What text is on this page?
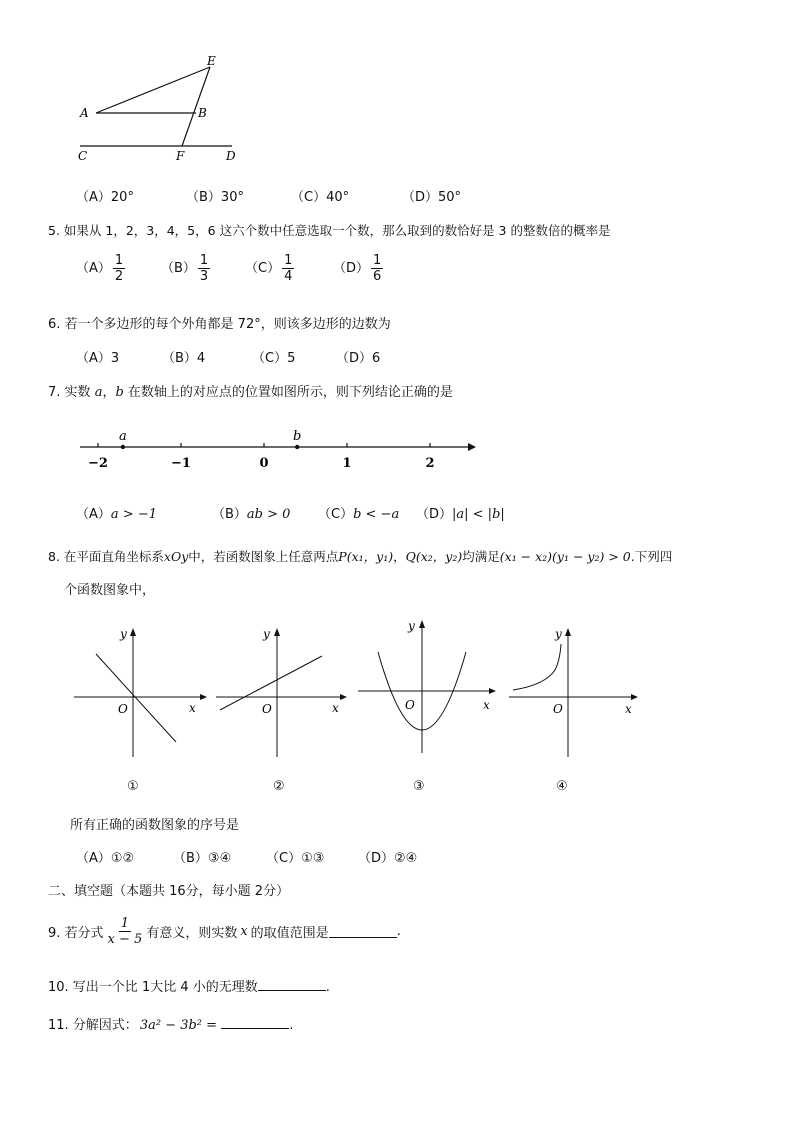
E
A	B
C	F	D
（A）20°	（B）30°	（C）40°	（D）50°
5. 如果从 1，2，3，4，5，6 这六个数中任意选取一个数，那么取到的数恰好是 3 的整数倍的概率是
$(A) \frac{1}{2}$	$(B) \frac{1}{3}$	$(C) \frac{1}{4}$	$(D) \frac{1}{6}$
6. 若一个多边形的每个外角都是 72°，则该多边形的边数为
（A）3	（B）4	（C）5	（D）6
7. 实数 a，b 在数轴上的对应点的位置如图所示，则下列结论正确的是
−2	−1	0	1	2
a	b
（A）a > −1	（B）ab > 0 （C）b < −a （D）|a| < |b|
8. 在平面直角坐标系xOy中，若函数图象上任意两点P(x₁，y₁)，Q(x₂，y₂)均满足(x₁ − x₂)(y₁ − y₂) > 0.下列四
个函数图象中，
y
x
O
①
y
x
O
②
y
x
O
③
y
x
O
④
所有正确的函数图象的序号是
（A）①②	（B）③④	（C）①③	（D）②④
二、填空题（本题共 16分，每小题 2分）
9. 若分式 $\frac{1}{x - 5}$ 有意义，则实数 x 的取值范围是	.
10. 写出一个比 1大比 4 小的无理数	.
11. 分解因式： 3a² − 3b² =	.
